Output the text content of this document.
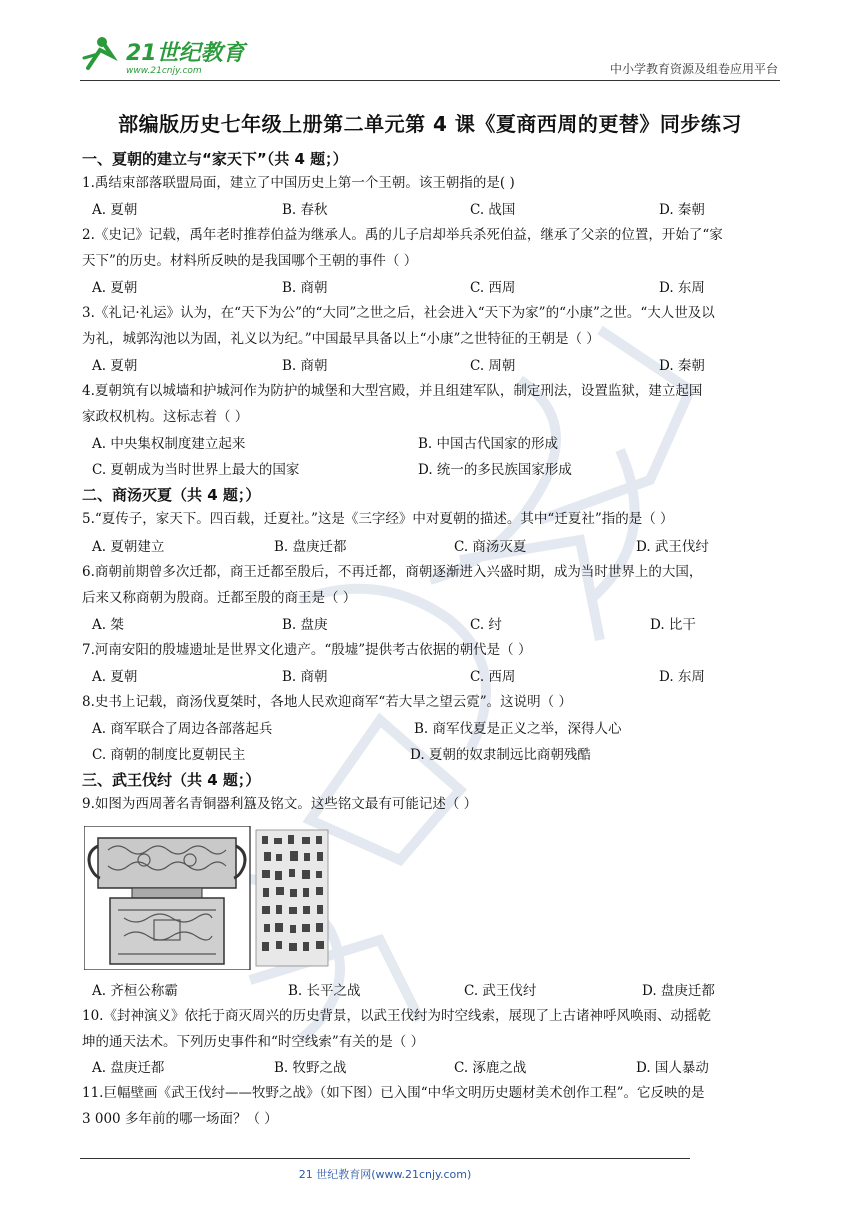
21世纪教育
www.21cnjy.com	中小学教育资源及组卷应用平台
部编版历史七年级上册第二单元第 4 课《夏商西周的更替》同步练习
一、夏朝的建立与“家天下”（共 4 题；）
1.禹结束部落联盟局面，建立了中国历史上第一个王朝。该王朝指的是( )
A. 夏朝	B. 春秋	C. 战国	D. 秦朝
2.《史记》记载，禹年老时推荐伯益为继承人。禹的儿子启却举兵杀死伯益，继承了父亲的位置，开始了“家
天下”的历史。材料所反映的是我国哪个王朝的事件（ ）
A. 夏朝	B. 商朝	C. 西周	D. 东周
3.《礼记·礼运》认为，在“天下为公”的“大同”之世之后，社会进入“天下为家”的“小康”之世。“大人世及以
为礼，城郭沟池以为固，礼义以为纪。”中国最早具备以上“小康”之世特征的王朝是（ ）
A. 夏朝	B. 商朝	C. 周朝	D. 秦朝
4.夏朝筑有以城墙和护城河作为防护的城堡和大型宫殿，并且组建军队，制定刑法，设置监狱，建立起国
家政权机构。这标志着（ ）
A. 中央集权制度建立起来	B. 中国古代国家的形成
C. 夏朝成为当时世界上最大的国家	D. 统一的多民族国家形成
二、商汤灭夏（共 4 题；）
5.“夏传子，家天下。四百载，迁夏社。”这是《三字经》中对夏朝的描述。其中“迁夏社”指的是（ ）
A. 夏朝建立	B. 盘庚迁都	C. 商汤灭夏	D. 武王伐纣
6.商朝前期曾多次迁都，商王迁都至殷后，不再迁都，商朝逐渐进入兴盛时期，成为当时世界上的大国，
后来又称商朝为殷商。迁都至殷的商王是（ ）
A. 桀	B. 盘庚	C. 纣	D. 比干
7.河南安阳的殷墟遗址是世界文化遗产。“殷墟”提供考古依据的朝代是（ ）
A. 夏朝	B. 商朝	C. 西周	D. 东周
8.史书上记载，商汤伐夏桀时，各地人民欢迎商军“若大旱之望云霓”。这说明（ ）
A. 商军联合了周边各部落起兵	B. 商军伐夏是正义之举，深得人心
C. 商朝的制度比夏朝民主	D. 夏朝的奴隶制远比商朝残酷
三、武王伐纣（共 4 题；）
9.如图为西周著名青铜器利簋及铭文。这些铭文最有可能记述（ ）
A. 齐桓公称霸	B. 长平之战	C. 武王伐纣	D. 盘庚迁都
10.《封神演义》依托于商灭周兴的历史背景，以武王伐纣为时空线索，展现了上古诸神呼风唤雨、动摇乾
坤的通天法术。下列历史事件和“时空线索”有关的是（ ）
A. 盘庚迁都	B. 牧野之战	C. 涿鹿之战	D. 国人暴动
11.巨幅壁画《武王伐纣——牧野之战》（如下图）已入围“中华文明历史题材美术创作工程”。它反映的是
3 000 多年前的哪一场面？（ ）
21 世纪教育网(www.21cnjy.com)
